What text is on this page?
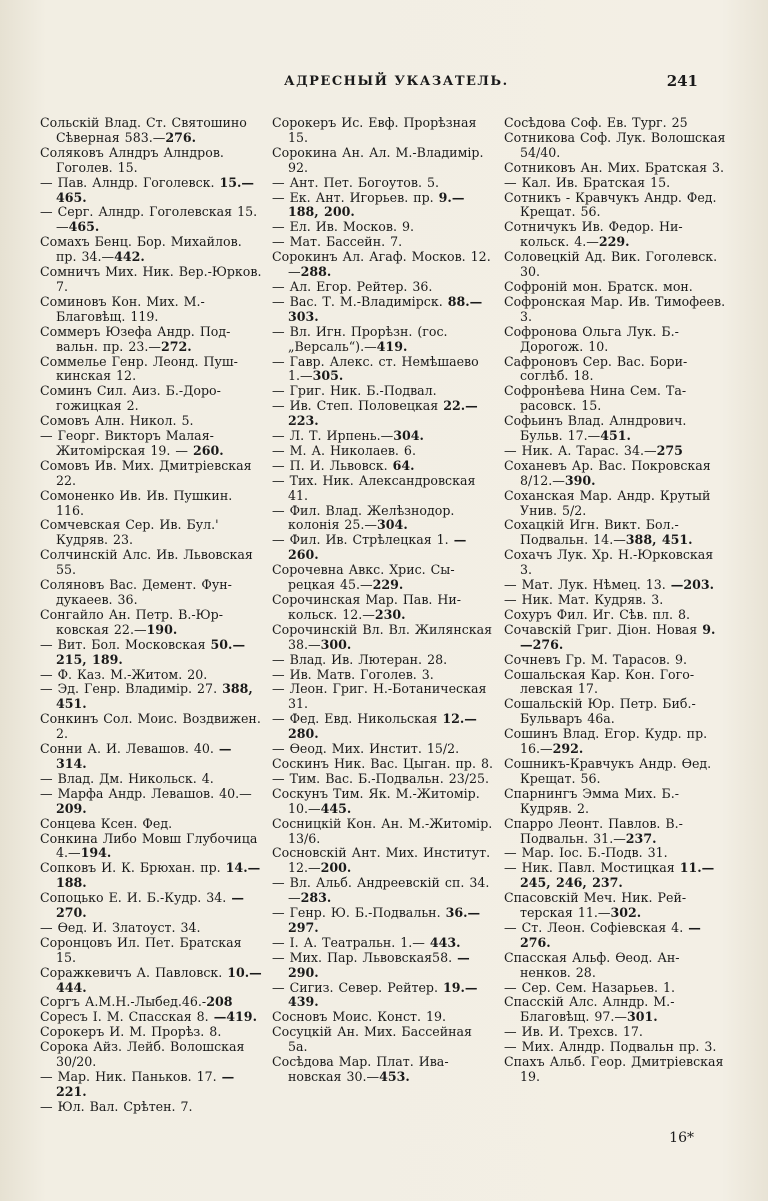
АДРЕСНЫЙ УКАЗАТЕЛЬ.	241

Сольскій Влад. Ст. Святошино Сѣверная 583.—276.

Соляковъ Алндръ Алндров. Гоголев. 15.

— Пав. Алндр. Гоголевск. 15.—465.

— Серг. Алндр. Гоголевская 15.—465.

Сомахъ Бенц. Бор. Михайлов. пр. 34.—442.

Сомничъ Мих. Ник. Вер.-Юрков. 7.

Соминовъ Кон. Мих. М.-Благовѣщ. 119.

Соммеръ Юзефа Андр. Подвальн. пр. 23.—272.

Соммелье Генр. Леонд. Пушкинская 12.

Соминъ Сил. Аиз. Б.-Дорогожицкая 2.

Сомовъ Алн. Никол. 5.

— Георг. Викторъ Малая-Житомірская 19. — 260.

Сомовъ Ив. Мих. Дмитріевская 22.

Сомоненко Ив. Ив. Пушкин. 116.

Сомчевская Сер. Ив. Бул.' Кудряв. 23.

Солчинскій Алс. Ив. Львовская 55.

Соляновъ Вас. Демент. Фундукаеев. 36.

Сонгайло Ан. Петр. В.-Юрковская 22.—190.

— Вит. Бол. Московская 50.—215, 189.

— Ф. Каз. М.-Житом. 20.

— Эд. Генр. Владимір. 27. 388, 451.

Сонкинъ Сол. Моис. Воздвижен. 2.

Сонни А. И. Левашов. 40. —314.

— Влад. Дм. Никольск. 4.

— Марфа Андр. Левашов. 40.—209.

Сонцева Ксен. Фед.

Сонкина Либо Мовш Глубочица 4.—194.

Сопковъ И. К. Брюхан. пр. 14.—188.

Сопоцько Е. И. Б.-Кудр. 34. —270.

— Ѳед. И. Златоуст. 34.

Соронцовъ Ил. Пет. Братская 15.

Соражкевичъ А. Павловск. 10.—444.

Соргъ А.М.Н.-Лыбед.46.-208

Соресъ І. М. Спасская 8. —419.

Сорокеръ И. М. Прорѣз. 8.

Сорока Айз. Лейб. Волошская 30/20.

— Мар. Ник. Паньков. 17. —221.

— Юл. Вал. Срѣтен. 7.

Сорокеръ Ис. Евф. Прорѣзная 15.

Сорокина Ан. Ал. М.-Владимір. 92.

— Ант. Пет. Богоутов. 5.

— Ек. Ант. Игорьев. пр. 9.—188, 200.

— Ел. Ив. Москов. 9.

— Мат. Бассейн. 7.

Сорокинъ Ал. Агаф. Москов. 12.—288.

— Ал. Егор. Рейтер. 36.

— Вас. Т. М.-Владимірск. 88.—303.

— Вл. Игн. Прорѣзн. (гос. „Версаль“).—419.

— Гавр. Алекс. ст. Немѣшаево 1.—305.

— Григ. Ник. Б.-Подвал.

— Ив. Степ. Половецкая 22.—223.

— Л. Т. Ирпень.—304.

— М. А. Николаев. 6.

— П. И. Львовск. 64.

— Тих. Ник. Александровская 41.

— Фил. Влад. Желѣзнодор. колонія 25.—304.

— Фил. Ив. Стрѣлецкая 1. —260.

Сорочевна Авкс. Хрис. Сырецкая 45.—229.

Сорочинская Мар. Пав. Никольск. 12.—230.

Сорочинскій Вл. Вл. Жилянская 38.—300.

— Влад. Ив. Лютеран. 28.

— Ив. Матв. Гоголев. 3.

— Леон. Григ. Н.-Ботаническая 31.

— Фед. Евд. Никольская 12.—280.

— Ѳеод. Мих. Инстит. 15/2.

Соскинъ Ник. Вас. Цыган. пр. 8.

— Тим. Вас. Б.-Подвальн. 23/25.

Соскунъ Тим. Як. М.-Житомір. 10.—445.

Сосницкій Кон. Ан. М.-Житомір. 13/6.

Сосновскій Ант. Мих. Институт. 12.—200.

— Вл. Альб. Андреевскій сп. 34.—283.

— Генр. Ю. Б.-Подвальн. 36.—297.

— І. А. Театральн. 1.— 443.

— Мих. Пар. Львовская58. —290.

— Сигиз. Север. Рейтер. 19.—439.

Сосновъ Моис. Конст. 19.

Сосуцкій Ан. Мих. Бассейная 5а.

Сосѣдова Мар. Плат. Ивановская 30.—453.

Сосѣдова Соф. Ев. Тург. 25

Сотникова Соф. Лук. Волошская 54/40.

Сотниковъ Ан. Мих. Братская 3.

— Кал. Ив. Братская 15.

Сотникъ - Кравчукъ Андр. Фед. Крещат. 56.

Сотничукъ Ив. Федор. Никольск. 4.—229.

Соловецкій Ад. Вик. Гоголевск. 30.

Софроній мон. Братск. мон.

Софронская Мар. Ив. Тимофеев. 3.

Софронова Ольга Лук. Б.-Дорогож. 10.

Сафроновъ Сер. Вас. Борисоглѣб. 18.

Софронѣева Нина Сем. Тарасовск. 15.

Софьинъ Влад. Алндрович. Бульв. 17.—451.

— Ник. А. Тарас. 34.—275

Соханевъ Ар. Вас. Покровская 8/12.—390.

Соханская Мар. Андр. Крутый Унив. 5/2.

Сохацкій Игн. Викт. Бол.-Подвальн. 14.—388, 451.

Сохачъ Лук. Хр. Н.-Юрковская 3.

— Мат. Лук. Нѣмец. 13. —203.

— Ник. Мат. Кудряв. 3.

Сохуръ Фил. Иг. Сѣв. пл. 8.

Сочавскій Григ. Діон. Новая 9.—276.

Сочневъ Гр. М. Тарасов. 9.

Сошальская Кар. Кон. Гоголевская 17.

Сошальскій Юр. Петр. Биб.-Бульваръ 46а.

Сошинъ Влад. Егор. Кудр. пр. 16.—292.

Сошникъ-Кравчукъ Андр. Ѳед. Крещат. 56.

Спарнингъ Эмма Мих. Б.-Кудряв. 2.

Спарро Леонт. Павлов. В.-Подвальн. 31.—237.

— Мар. Іос. Б.-Подв. 31.

— Ник. Павл. Мостицкая 11.—245, 246, 237.

Спасовскій Меч. Ник. Рейтерская 11.—302.

— Ст. Леон. Софіевская 4. —276.

Спасская Альф. Ѳеод. Анненков. 28.

— Сер. Сем. Назарьев. 1.

Спасскій Алс. Алндр. М.-Благовѣщ. 97.—301.

— Ив. И. Трехсв. 17.

— Мих. Алндр. Подвальн пр. 3.

Спахъ Альб. Геор. Дмитріевская 19.

16*
